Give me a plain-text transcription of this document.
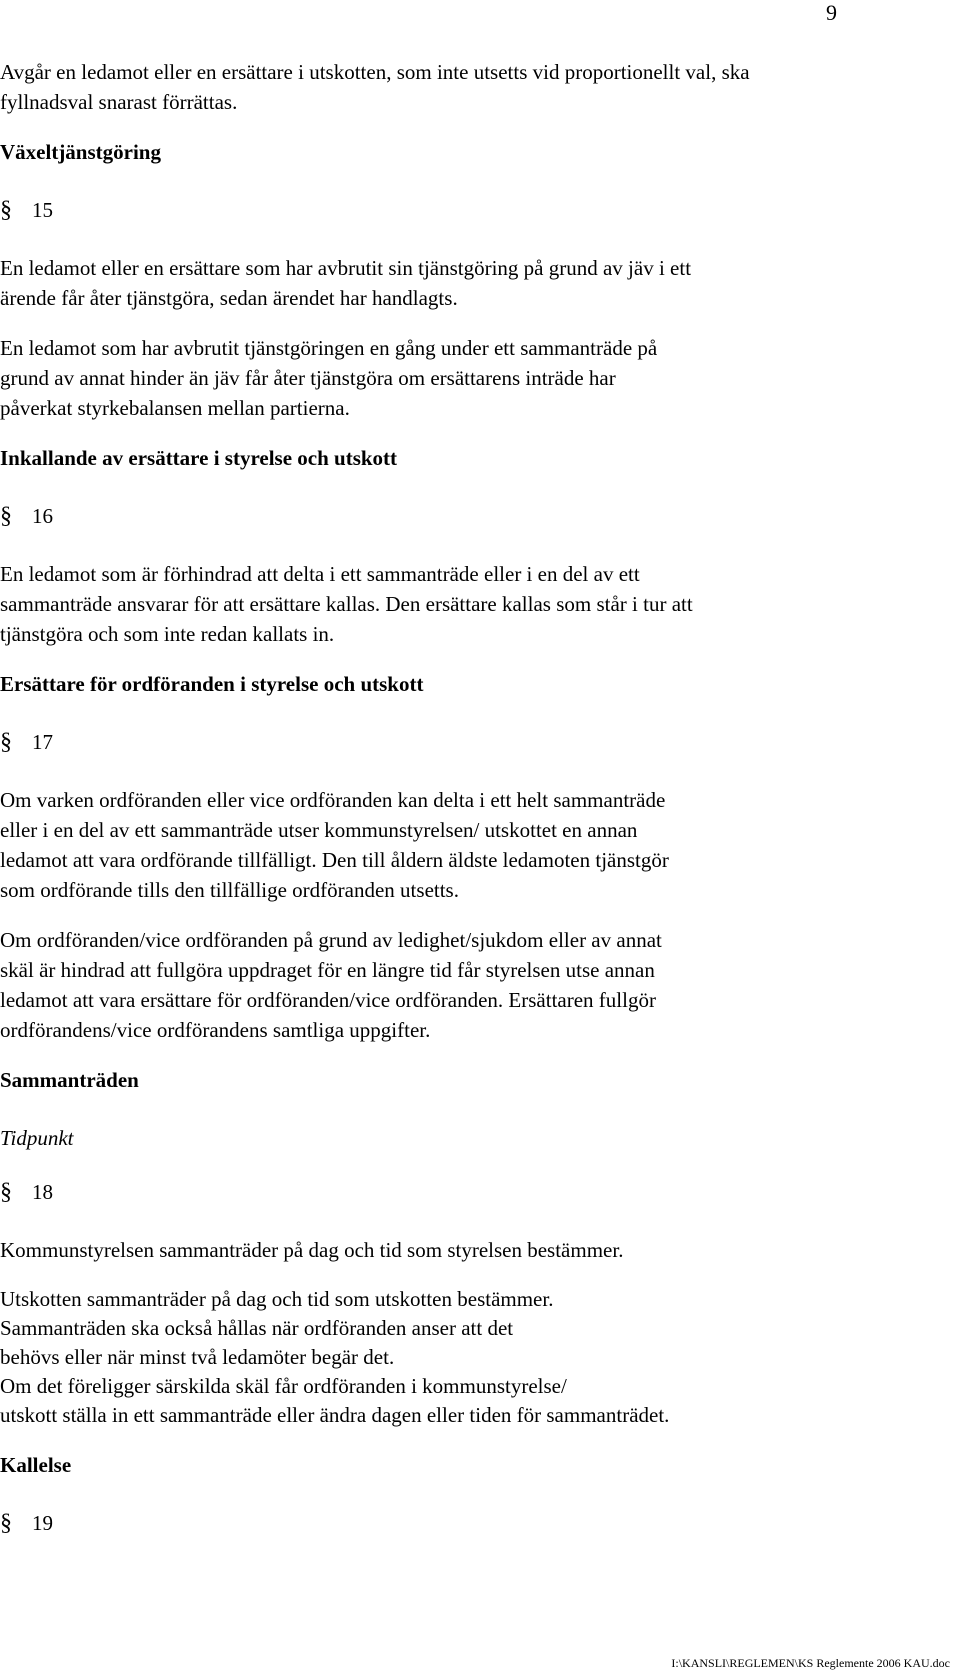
9
Avgår en ledamot eller en ersättare i utskotten, som inte utsetts vid proportionellt val, ska
fyllnadsval snarast förrättas.
Växeltjänstgöring
§ 15
En ledamot eller en ersättare som har avbrutit sin tjänstgöring på grund av jäv i ett
ärende får åter tjänstgöra, sedan ärendet har handlagts.
En ledamot som har avbrutit tjänstgöringen en gång under ett sammanträde på
grund av annat hinder än jäv får åter tjänstgöra om ersättarens inträde har
påverkat styrkebalansen mellan partierna.
Inkallande av ersättare i styrelse och utskott
§ 16
En ledamot som är förhindrad att delta i ett sammanträde eller i en del av ett
sammanträde ansvarar för att ersättare kallas. Den ersättare kallas som står i tur att
tjänstgöra och som inte redan kallats in.
Ersättare för ordföranden i styrelse och utskott
§ 17
Om varken ordföranden eller vice ordföranden kan delta i ett helt sammanträde
eller i en del av ett sammanträde utser kommunstyrelsen/ utskottet en annan
ledamot att vara ordförande tillfälligt. Den till åldern äldste ledamoten tjänstgör
som ordförande tills den tillfällige ordföranden utsetts.
Om ordföranden/vice ordföranden på grund av ledighet/sjukdom eller av annat
skäl är hindrad att fullgöra uppdraget för en längre tid får styrelsen utse annan
ledamot att vara ersättare för ordföranden/vice ordföranden. Ersättaren fullgör
ordförandens/vice ordförandens samtliga uppgifter.
Sammanträden
Tidpunkt
§ 18
Kommunstyrelsen sammanträder på dag och tid som styrelsen bestämmer.
Utskotten sammanträder på dag och tid som utskotten bestämmer.
Sammanträden ska också hållas när ordföranden anser att det
behövs eller när minst två ledamöter begär det.
Om det föreligger särskilda skäl får ordföranden i kommunstyrelse/
utskott ställa in ett sammanträde eller ändra dagen eller tiden för sammanträdet.
Kallelse
§ 19
I:\KANSLI\REGLEMEN\KS Reglemente 2006 KAU.doc
